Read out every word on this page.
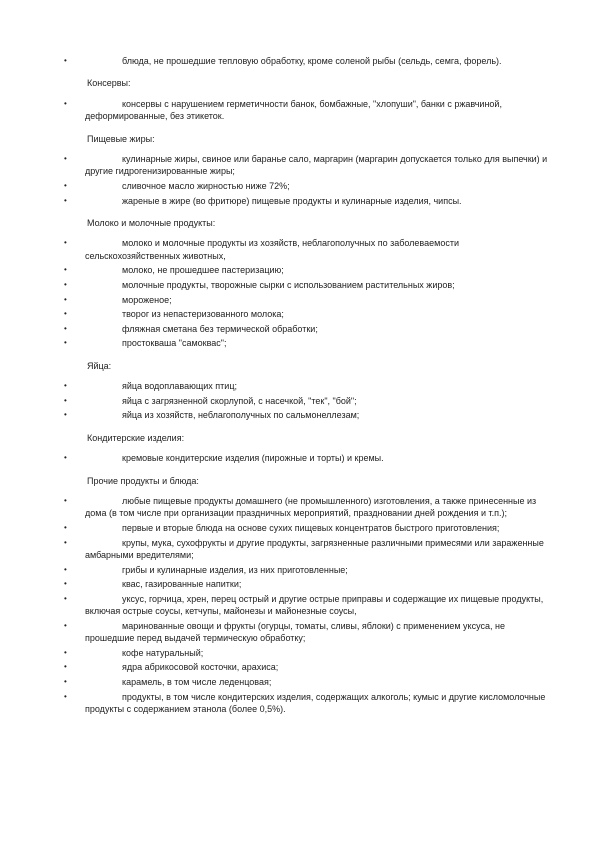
•	блюда, не прошедшие тепловую обработку, кроме соленой рыбы (сельдь, семга, форель).
Консервы:
•	консервы с нарушением герметичности банок, бомбажные, "хлопуши", банки с ржавчиной, деформированные, без этикеток.
Пищевые жиры:
•	кулинарные жиры, свиное или баранье сало, маргарин (маргарин допускается только для выпечки) и другие гидрогенизированные жиры;
•	сливочное масло жирностью ниже 72%;
•	жареные в жире (во фритюре) пищевые продукты и кулинарные изделия, чипсы.
Молоко и молочные продукты:
•	молоко и молочные продукты из хозяйств, неблагополучных по заболеваемости сельскохозяйственных животных,
•	молоко, не прошедшее пастеризацию;
•	молочные продукты, творожные сырки с использованием растительных жиров;
•	мороженое;
•	творог из непастеризованного молока;
•	фляжная сметана без термической обработки;
•	простокваша "самоквас";
Яйца:
•	яйца водоплавающих птиц;
•	яйца с загрязненной скорлупой, с насечкой, "тек", "бой";
•	яйца из хозяйств, неблагополучных по сальмонеллезам;
Кондитерские изделия:
•	кремовые кондитерские изделия (пирожные и торты) и кремы.
Прочие продукты и блюда:
•	любые пищевые продукты домашнего (не промышленного) изготовления, а также принесенные из дома (в том числе при организации праздничных мероприятий, праздновании дней рождения и т.п.);
•	первые и вторые блюда на основе сухих пищевых концентратов быстрого приготовления;
•	крупы, мука, сухофрукты и другие продукты, загрязненные различными примесями или зараженные амбарными вредителями;
•	грибы и кулинарные изделия, из них приготовленные;
•	квас, газированные напитки;
•	уксус, горчица, хрен, перец острый и другие острые приправы и содержащие их пищевые продукты, включая острые соусы, кетчупы, майонезы и майонезные соусы,
•	маринованные овощи и фрукты (огурцы, томаты, сливы, яблоки) с применением уксуса, не прошедшие перед выдачей термическую обработку;
•	кофе натуральный;
•	ядра абрикосовой косточки, арахиса;
•	карамель, в том числе леденцовая;
•	продукты, в том числе кондитерских изделия, содержащих алкоголь; кумыс и другие кисломолочные продукты с содержанием этанола (более 0,5%).
